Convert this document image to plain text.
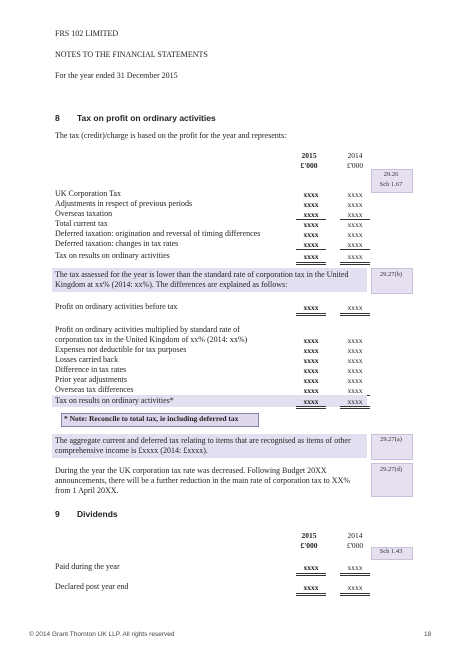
FRS 102 LIMITED
NOTES TO THE FINANCIAL STATEMENTS
For the year ended 31 December 2015
8 Tax on profit on ordinary activities
The tax (credit)/charge is based on the profit for the year and represents:
2015	2014
£'000	£'000
29.26
Sch 1.67
UK Corporation Tax	xxxx	xxxx
Adjustments in respect of previous periods	xxxx	xxxx
Overseas taxation	xxxx	xxxx
Total current tax	xxxx	xxxx
Deferred taxation: origination and reversal of timing differences	xxxx	xxxx
Deferred taxation: changes in tax rates	xxxx	xxxx
Tax on results on ordinary activities	xxxx	xxxx
The tax assessed for the year is lower than the standard rate of corporation tax in the United Kingdom at xx% (2014: xx%). The differences are explained as follows:
29.27(b)
Profit on ordinary activities before tax	xxxx	xxxx
Profit on ordinary activities multiplied by standard rate of
corporation tax in the United Kingdom of xx% (2014: xx%)	xxxx	xxxx
Expenses not deductible for tax purposes	xxxx	xxxx
Losses carried back	xxxx	xxxx
Difference in tax rates	xxxx	xxxx
Prior year adjustments	xxxx	xxxx
Overseas tax differences	xxxx	xxxx
Tax on results on ordinary activities*	xxxx	xxxx
* Note: Reconcile to total tax, ie including deferred tax
The aggregate current and deferred tax relating to items that are recognised as items of other comprehensive income is £xxxx (2014: £xxxx).
29.27(a)
During the year the UK corporation tax rate was decreased. Following Budget 20XX announcements, there will be a further reduction in the main rate of corporation tax to XX% from 1 April 20XX.
29.27(d)
9 Dividends
2015	2014
£'000	£'000
Sch 1.43
Paid during the year	xxxx	xxxx
Declared post year end	xxxx	xxxx
© 2014 Grant Thornton UK LLP. All rights reserved	18
